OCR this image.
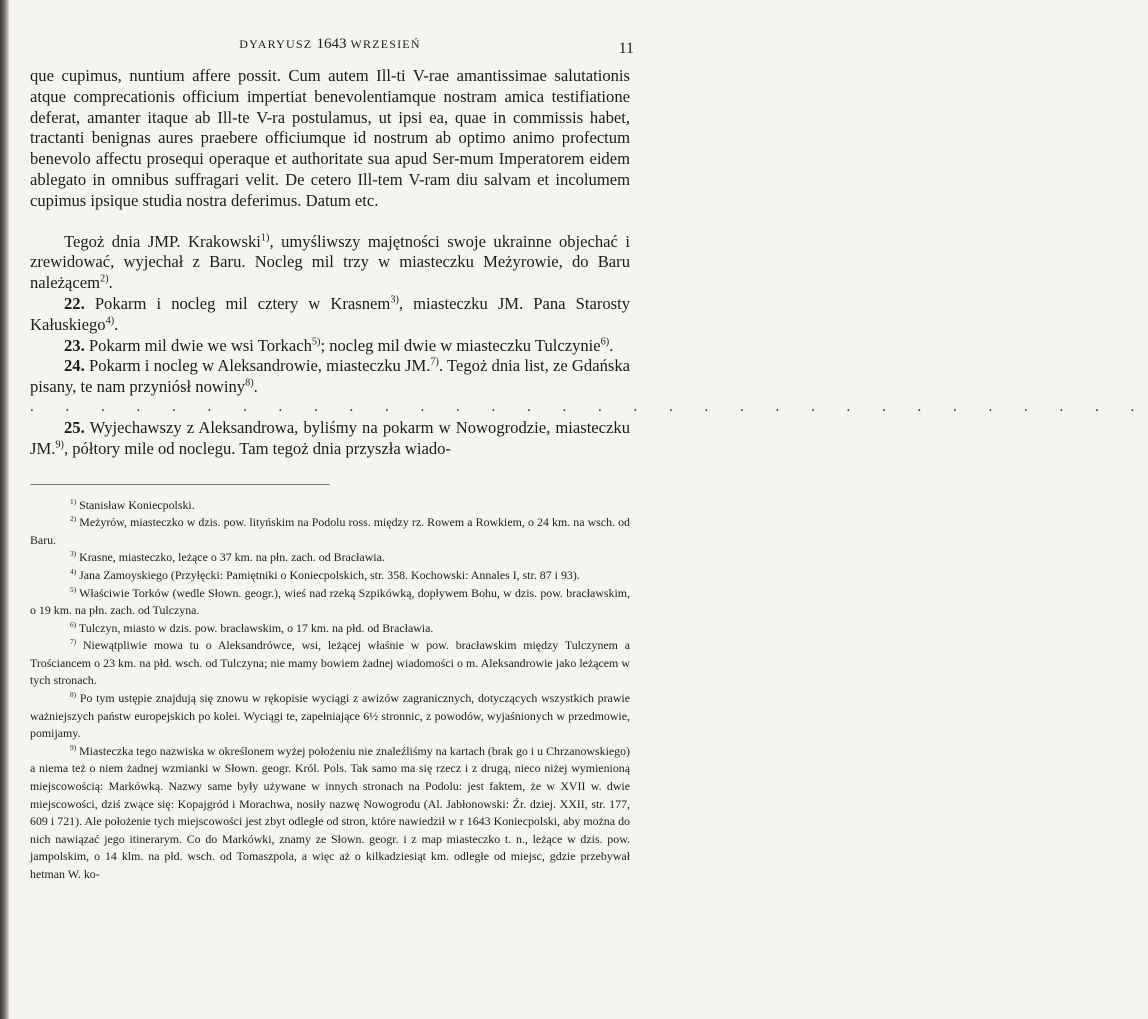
DYARYUSZ 1643 WRZESIEŃ	11

que cupimus, nuntium affere possit. Cum autem Ill-ti V-rae amantissimae salutationis atque comprecationis officium impertiat benevolentiamque nostram amica testifiatione deferat, amanter itaque ab Ill-te V-ra postulamus, ut ipsi ea, quae in commissis habet, tractanti benignas aures praebere officiumque id nostrum ab optimo animo profectum benevolo affectu prosequi operaque et authoritate sua apud Ser-mum Imperatorem eidem ablegato in omnibus suffragari velit. De cetero Ill-tem V-ram diu salvam et incolumem cupimus ipsique studia nostra deferimus. Datum etc.

Tegoż dnia JMP. Krakowski$^{1)}$, umyśliwszy majętności swoje ukrainne objechać i zrewidować, wyjechał z Baru. Nocleg mil trzy w miasteczku Meżyrowie, do Baru należącem$^{2)}$.

22. Pokarm i nocleg mil cztery w Krasnem$^{3)}$, miasteczku JM. Pana Starosty Kałuskiego$^{4)}$.

23. Pokarm mil dwie we wsi Torkach$^{5)}$; nocleg mil dwie w miasteczku Tulczynie$^{6)}$.

24. Pokarm i nocleg w Aleksandrowie, miasteczku JM.$^{7)}$. Tegoż dnia list, ze Gdańska pisany, te nam przyniósł nowiny$^{8)}$.

. . . . . . . . . . . . . . . . . . . . . . . . . . . . . . . .

25. Wyjechawszy z Aleksandrowa, byliśmy na pokarm w Nowogrodzie, miasteczku JM.$^{9)}$, półtory mile od noclegu. Tam tegoż dnia przyszła wiado-

$^{1)}$ Stanisław Koniecpolski.

$^{2)}$ Meżyrów, miasteczko w dzis. pow. lityńskim na Podolu ross. między rz. Rowem a Rowkiem, o 24 km. na wsch. od Baru.

$^{3)}$ Krasne, miasteczko, leżące o 37 km. na płn. zach. od Bracławia.

$^{4)}$ Jana Zamoyskiego (Przyłęcki: Pamiętniki o Koniecpolskich, str. 358. Kochowski: Annales I, str. 87 i 93).

$^{5)}$ Właściwie Torków (wedle Słown. geogr.), wieś nad rzeką Szpikówką, dopływem Bohu, w dzis. pow. bracławskim, o 19 km. na płn. zach. od Tulczyna.

$^{6)}$ Tulczyn, miasto w dzis. pow. bracławskim, o 17 km. na płd. od Bracławia.

$^{7)}$ Niewątpliwie mowa tu o Aleksandrówce, wsi, leżącej właśnie w pow. bracławskim między Tulczynem a Trościancem o 23 km. na płd. wsch. od Tulczyna; nie mamy bowiem żadnej wiadomości o m. Aleksandrowie jako leżącem w tych stronach.

$^{8)}$ Po tym ustępie znajdują się znowu w rękopisie wyciągi z awizów zagranicznych, dotyczących wszystkich prawie ważniejszych państw europejskich po kolei. Wyciągi te, zapełniające 6½ stronnic, z powodów, wyjaśnionych w przedmowie, pomijamy.

$^{9)}$ Miasteczka tego nazwiska w określonem wyżej położeniu nie znaleźliśmy na kartach (brak go i u Chrzanowskiego) a niema też o niem żadnej wzmianki w Słown. geogr. Król. Pols. Tak samo ma się rzecz i z drugą, nieco niżej wymienioną miejscowością: Markówką. Nazwy same były używane w innych stronach na Podolu: jest faktem, że w XVII w. dwie miejscowości, dziś zwące się: Kopajgród i Morachwa, nosiły nazwę Nowogrodu (Al. Jabłonowski: Źr. dziej. XXII, str. 177, 609 i 721). Ale położenie tych miejscowości jest zbyt odległe od stron, które nawiedził w r 1643 Koniecpolski, aby można do nich nawiązać jego itinerarym. Co do Markówki, znamy ze Słown. geogr. i z map miasteczko t. n., leżące w dzis. pow. jampolskim, o 14 klm. na płd. wsch. od Tomaszpola, a więc aż o kilkadziesiąt km. odległe od miejsc, gdzie przebywał hetman W. ko-
